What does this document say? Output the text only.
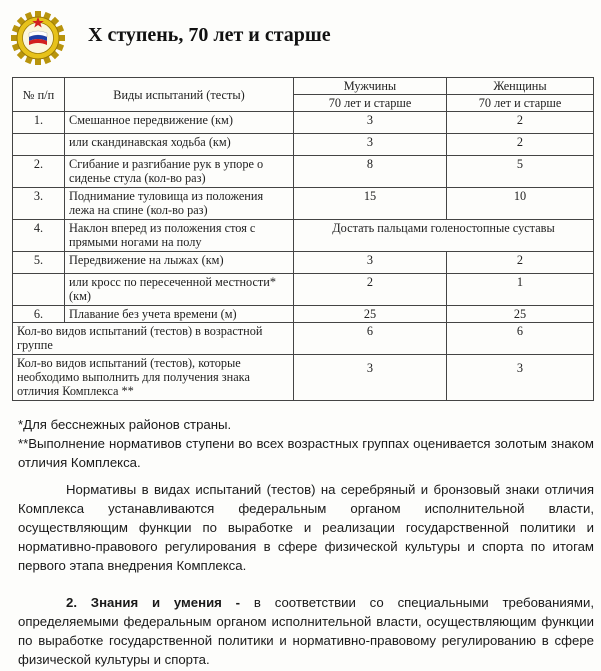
X ступень, 70 лет и старше
№ п/п	Виды испытаний (тесты)	Мужчины	Женщины
		70 лет и старше	70 лет и старше
1.	Смешанное передвижение (км)	3	2
	или скандинавская ходьба (км)	3	2
2.	Сгибание и разгибание рук в упоре о сиденье стула (кол-во раз)	8	5
3.	Поднимание туловища из положения лежа на спине (кол-во раз)	15	10
4.	Наклон вперед из положения стоя с прямыми ногами на полу	Достать пальцами голеностопные суставы	
5.	Передвижение на лыжах (км)	3	2
	или кросс по пересеченной местности* (км)	2	1
6.	Плавание без учета времени (м)	25	25
Кол-во видов испытаний (тестов) в возрастной группе		6	6
Кол-во видов испытаний (тестов), которые необходимо выполнить для получения знака отличия Комплекса **		3	3

*Для бесснежных районов страны.

**Выполнение нормативов ступени во всех возрастных группах оценивается золотым знаком отличия Комплекса.

Нормативы в видах испытаний (тестов) на серебряный и бронзовый знаки отличия Комплекса устанавливаются федеральным органом исполнительной власти, осуществляющим функции по выработке и реализации государственной политики и нормативно-правового регулирования в сфере физической культуры и спорта по итогам первого этапа внедрения Комплекса.

2. Знания и умения - в соответствии со специальными требованиями, определяемыми федеральным органом исполнительной власти, осуществляющим функции по выработке государственной политики и нормативно-правовому регулированию в сфере физической культуры и спорта.
